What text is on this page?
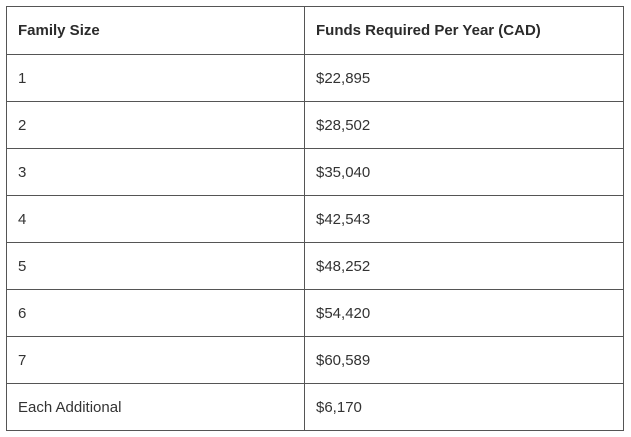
Family Size	Funds Required Per Year (CAD)
1	$22,895
2	$28,502
3	$35,040
4	$42,543
5	$48,252
6	$54,420
7	$60,589
Each Additional	$6,170
